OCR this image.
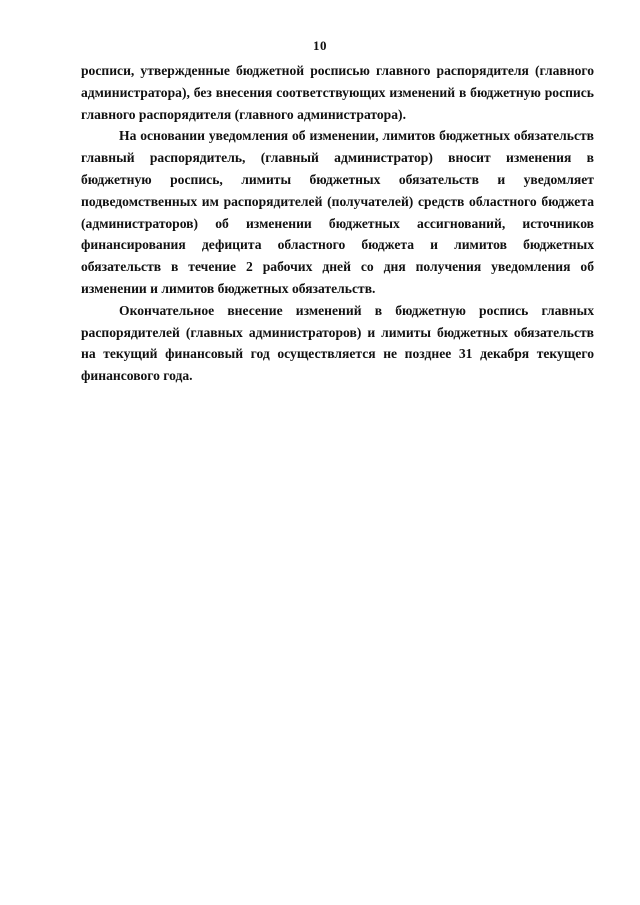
10

росписи, утвержденные бюджетной росписью главного распорядителя (главного администратора), без внесения соответствующих изменений в бюджетную роспись главного распорядителя (главного администратора).

На основании уведомления об изменении, лимитов бюджетных обязательств главный распорядитель, (главный администратор) вносит изменения в бюджетную роспись, лимиты бюджетных обязательств и уведомляет подведомственных им распорядителей (получателей) средств областного бюджета (администраторов) об изменении бюджетных ассигнований, источников финансирования дефицита областного бюджета и лимитов бюджетных обязательств в течение 2 рабочих дней со дня получения уведомления об изменении и лимитов бюджетных обязательств.

Окончательное внесение изменений в бюджетную роспись главных распорядителей (главных администраторов) и лимиты бюджетных обязательств на текущий финансовый год осуществляется не позднее 31 декабря текущего финансового года.
